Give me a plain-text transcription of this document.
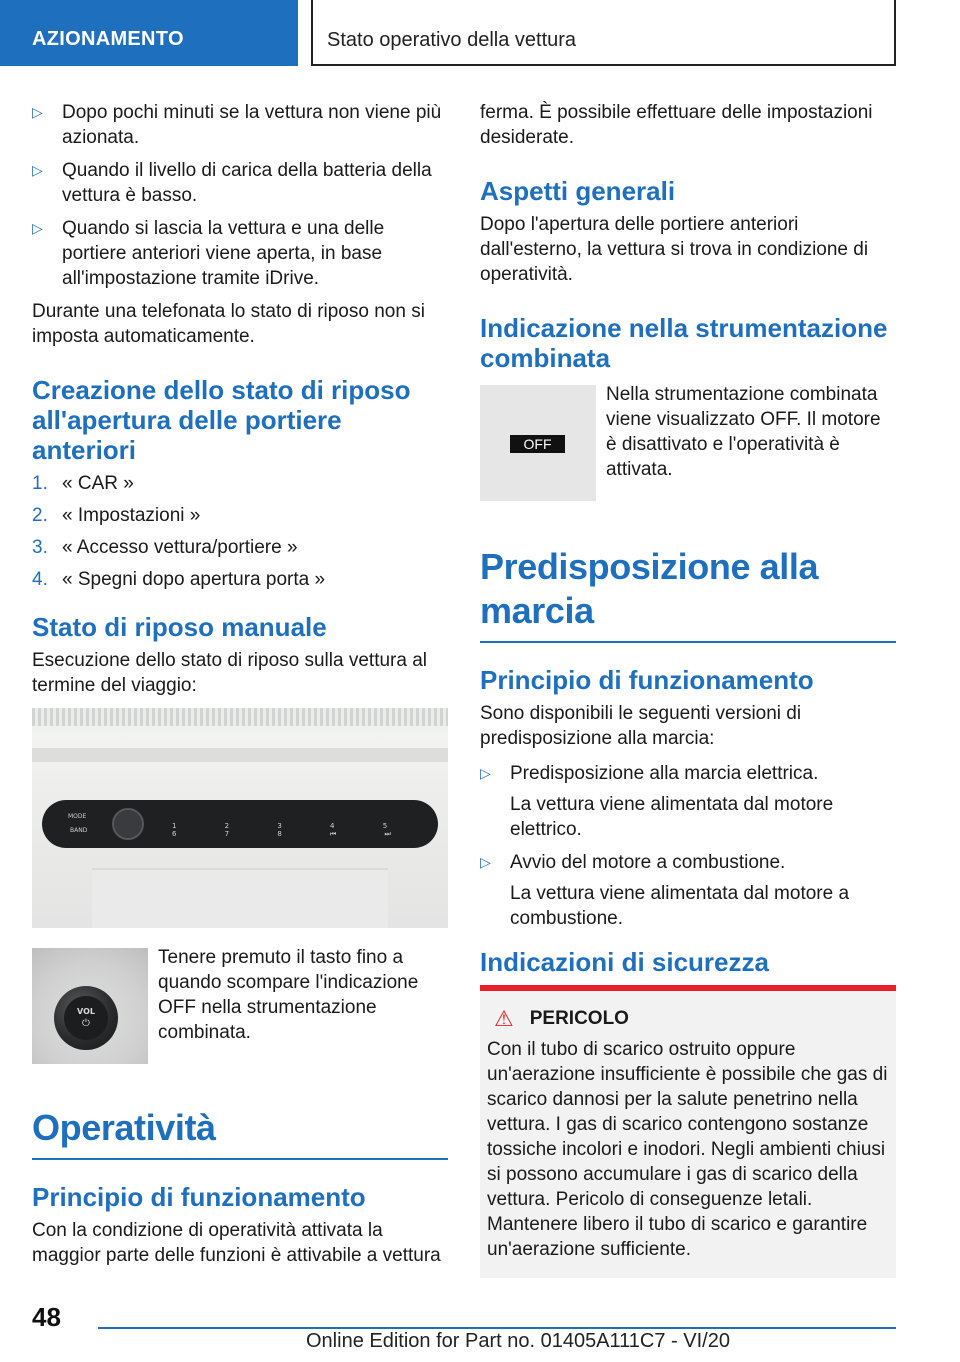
AZIONAMENTO	Stato operativo della vettura
▷ Dopo pochi minuti se la vettura non viene più azionata.
▷ Quando il livello di carica della batteria della vettura è basso.
▷ Quando si lascia la vettura e una delle portiere anteriori viene aperta, in base all'impostazione tramite iDrive.

Durante una telefonata lo stato di riposo non si imposta automaticamente.

Creazione dello stato di riposo all'apertura delle portiere anteriori
1. « CAR »
2. « Impostazioni »
3. « Accesso vettura/portiere »
4. « Spegni dopo apertura porta »
Stato di riposo manuale

Esecuzione dello stato di riposo sulla vettura al termine del viaggio:

MODE
BAND
1 2 3 4 5 6 7 8 ⏮ ⏭
VOL
⏻

Tenere premuto il tasto fino a quando scompare l'indicazione OFF nella strumentazione combinata.

Operatività
Principio di funzionamento

Con la condizione di operatività attivata la maggior parte delle funzioni è attivabile a vettura

ferma. È possibile effettuare delle impostazioni desiderate.

Aspetti generali

Dopo l'apertura delle portiere anteriori dall'esterno, la vettura si trova in condizione di operatività.

Indicazione nella strumentazione combinata
OFF

Nella strumentazione combinata viene visualizzato OFF. Il motore è disattivato e l'operatività è attivata.

Predisposizione alla marcia
Principio di funzionamento

Sono disponibili le seguenti versioni di predisposizione alla marcia:

▷ Predisposizione alla marcia elettrica.
La vettura viene alimentata dal motore elettrico.
▷ Avvio del motore a combustione.
La vettura viene alimentata dal motore a combustione.
Indicazioni di sicurezza
⚠ PERICOLO

Con il tubo di scarico ostruito oppure un'aerazione insufficiente è possibile che gas di scarico dannosi per la salute penetrino nella vettura. I gas di scarico contengono sostanze tossiche incolori e inodori. Negli ambienti chiusi si possono accumulare i gas di scarico della vettura. Pericolo di conseguenze letali. Mantenere libero il tubo di scarico e garantire un'aerazione sufficiente.

48
Online Edition for Part no. 01405A111C7 - VI/20
